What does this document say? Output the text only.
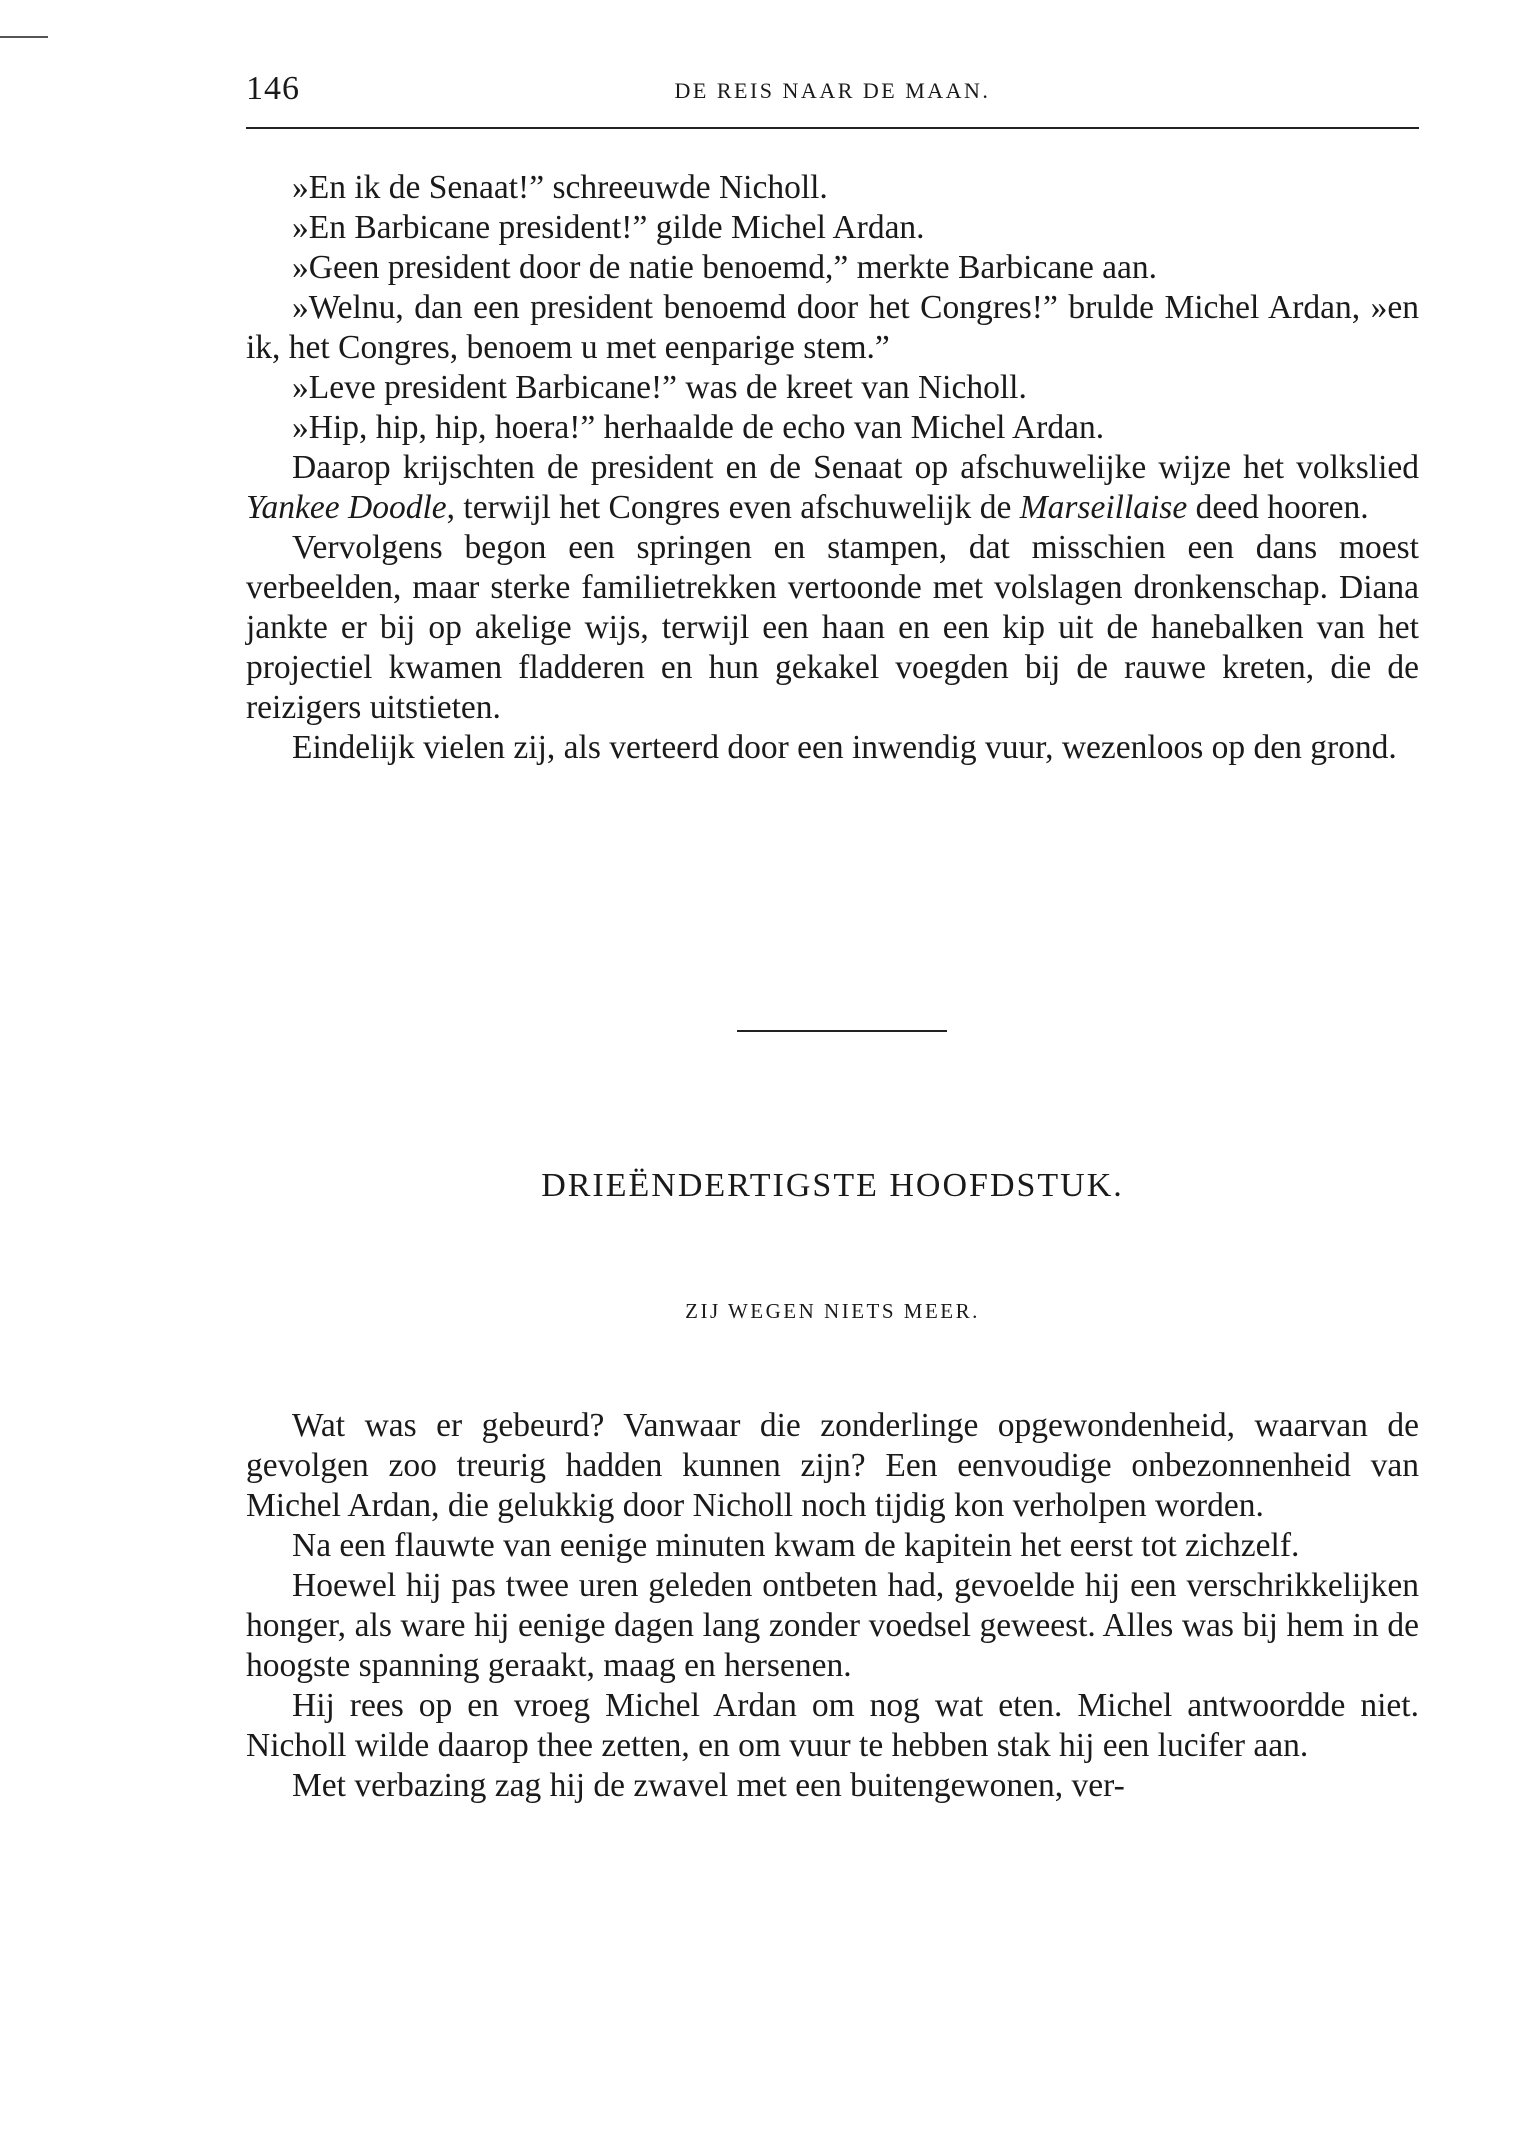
146	DE REIS NAAR DE MAAN.

»En ik de Senaat!” schreeuwde Nicholl.

»En Barbicane president!” gilde Michel Ardan.

»Geen president door de natie benoemd,” merkte Barbicane aan.

»Welnu, dan een president benoemd door het Congres!” brulde Michel Ardan, »en ik, het Congres, benoem u met eenparige stem.”

»Leve president Barbicane!” was de kreet van Nicholl.

»Hip, hip, hip, hoera!” herhaalde de echo van Michel Ardan.

Daarop krijschten de president en de Senaat op afschuwelijke wijze het volkslied Yankee Doodle, terwijl het Congres even afschuwelijk de Marseillaise deed hooren.

Vervolgens begon een springen en stampen, dat misschien een dans moest verbeelden, maar sterke familietrekken vertoonde met volslagen dronkenschap. Diana jankte er bij op akelige wijs, terwijl een haan en een kip uit de hanebalken van het projectiel kwamen fladderen en hun gekakel voegden bij de rauwe kreten, die de reizigers uitstieten.

Eindelijk vielen zij, als verteerd door een inwendig vuur, wezenloos op den grond.

DRIEËNDERTIGSTE HOOFDSTUK.
ZIJ WEGEN NIETS MEER.

Wat was er gebeurd? Vanwaar die zonderlinge opgewondenheid, waarvan de gevolgen zoo treurig hadden kunnen zijn? Een eenvoudige onbezonnenheid van Michel Ardan, die gelukkig door Nicholl noch tijdig kon verholpen worden.

Na een flauwte van eenige minuten kwam de kapitein het eerst tot zichzelf.

Hoewel hij pas twee uren geleden ontbeten had, gevoelde hij een verschrikkelijken honger, als ware hij eenige dagen lang zonder voedsel geweest. Alles was bij hem in de hoogste spanning geraakt, maag en hersenen.

Hij rees op en vroeg Michel Ardan om nog wat eten. Michel antwoordde niet. Nicholl wilde daarop thee zetten, en om vuur te hebben stak hij een lucifer aan.

Met verbazing zag hij de zwavel met een buitengewonen, ver-
